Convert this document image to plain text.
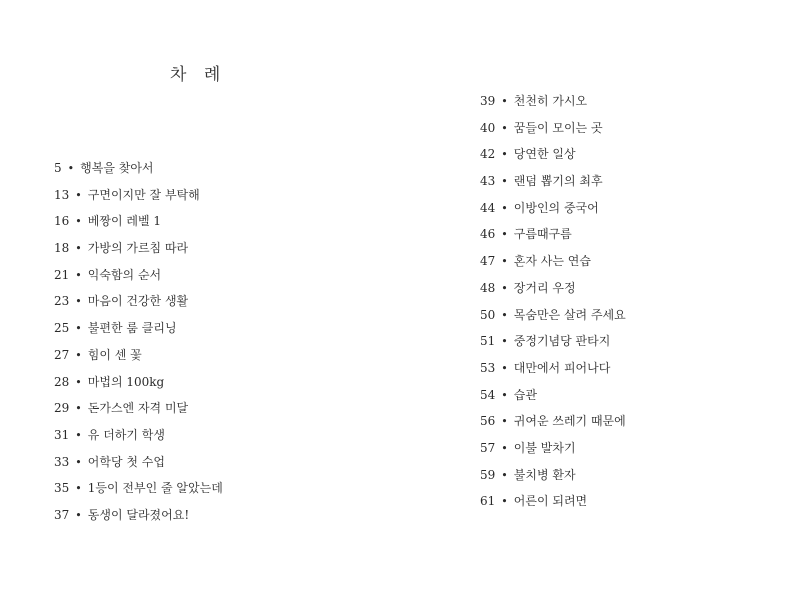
차 례
5 • 행복을 찾아서
13 • 구면이지만 잘 부탁해
16 • 베짱이 레벨 1
18 • 가방의 가르침 따라
21 • 익숙함의 순서
23 • 마음이 건강한 생활
25 • 불편한 룸 클리닝
27 • 힘이 센 꽃
28 • 마법의 100kg
29 • 돈가스엔 자격 미달
31 • 유 더하기 학생
33 • 어학당 첫 수업
35 • 1등이 전부인 줄 알았는데
37 • 동생이 달라졌어요!
39 • 천천히 가시오
40 • 꿈들이 모이는 곳
42 • 당연한 일상
43 • 랜덤 뽑기의 최후
44 • 이방인의 중국어
46 • 구름때구름
47 • 혼자 사는 연습
48 • 장거리 우정
50 • 목숨만은 살려 주세요
51 • 중정기념당 판타지
53 • 대만에서 피어나다
54 • 습관
56 • 귀여운 쓰레기 때문에
57 • 이불 발차기
59 • 불치병 환자
61 • 어른이 되려면
